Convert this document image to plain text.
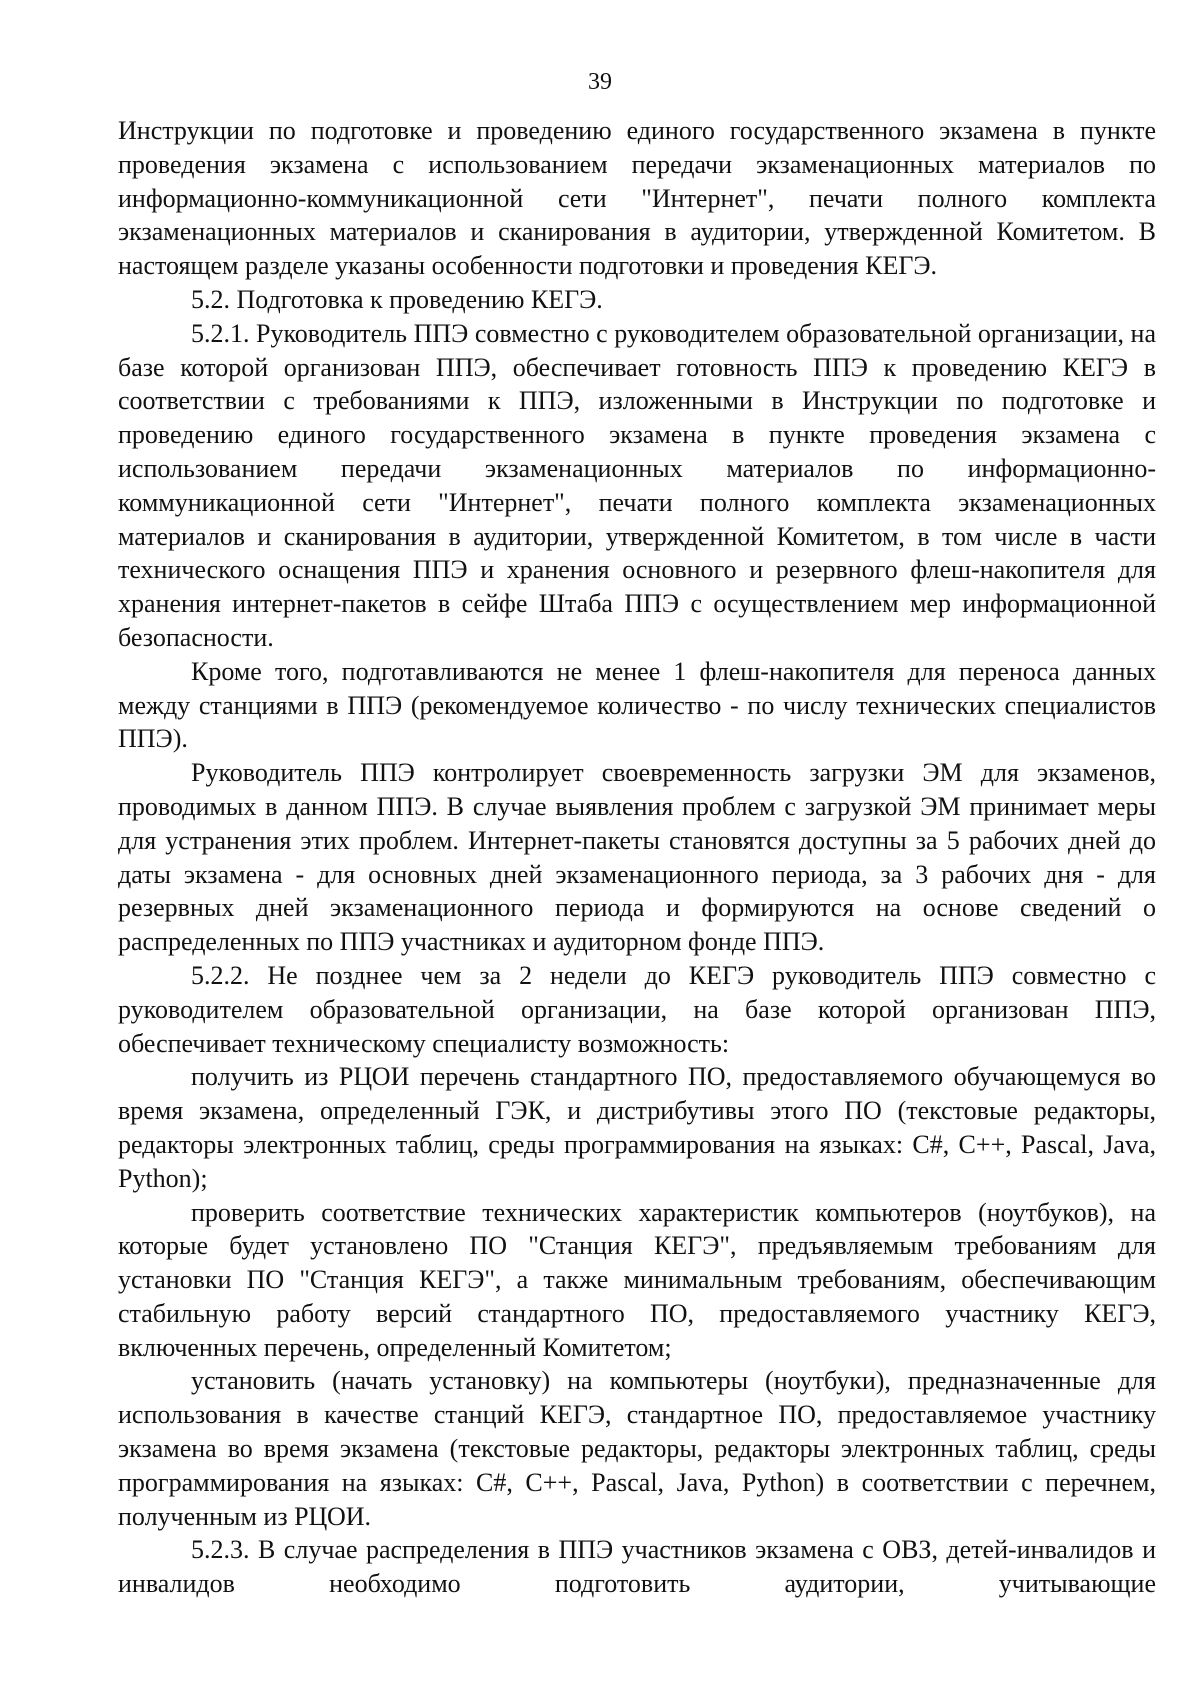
39

Инструкции по подготовке и проведению единого государственного экзамена в пункте проведения экзамена с использованием передачи экзаменационных материалов по информационно-коммуникационной сети "Интернет", печати полного комплекта экзаменационных материалов и сканирования в аудитории, утвержденной Комитетом. В настоящем разделе указаны особенности подготовки и проведения КЕГЭ.

5.2. Подготовка к проведению КЕГЭ.

5.2.1. Руководитель ППЭ совместно с руководителем образовательной организации, на базе которой организован ППЭ, обеспечивает готовность ППЭ к проведению КЕГЭ в соответствии с требованиями к ППЭ, изложенными в Инструкции по подготовке и проведению единого государственного экзамена в пункте проведения экзамена с использованием передачи экзаменационных материалов по информационно-коммуникационной сети "Интернет", печати полного комплекта экзаменационных материалов и сканирования в аудитории, утвержденной Комитетом, в том числе в части технического оснащения ППЭ и хранения основного и резервного флеш-накопителя для хранения интернет-пакетов в сейфе Штаба ППЭ с осуществлением мер информационной безопасности.

Кроме того, подготавливаются не менее 1 флеш-накопителя для переноса данных между станциями в ППЭ (рекомендуемое количество - по числу технических специалистов ППЭ).

Руководитель ППЭ контролирует своевременность загрузки ЭМ для экзаменов, проводимых в данном ППЭ. В случае выявления проблем с загрузкой ЭМ принимает меры для устранения этих проблем. Интернет-пакеты становятся доступны за 5 рабочих дней до даты экзамена - для основных дней экзаменационного периода, за 3 рабочих дня - для резервных дней экзаменационного периода и формируются на основе сведений о распределенных по ППЭ участниках и аудиторном фонде ППЭ.

5.2.2. Не позднее чем за 2 недели до КЕГЭ руководитель ППЭ совместно с руководителем образовательной организации, на базе которой организован ППЭ, обеспечивает техническому специалисту возможность:

получить из РЦОИ перечень стандартного ПО, предоставляемого обучающемуся во время экзамена, определенный ГЭК, и дистрибутивы этого ПО (текстовые редакторы, редакторы электронных таблиц, среды программирования на языках: C#, C++, Pascal, Java, Python);

проверить соответствие технических характеристик компьютеров (ноутбуков), на которые будет установлено ПО "Станция КЕГЭ", предъявляемым требованиям для установки ПО "Станция КЕГЭ", а также минимальным требованиям, обеспечивающим стабильную работу версий стандартного ПО, предоставляемого участнику КЕГЭ, включенных перечень, определенный Комитетом;

установить (начать установку) на компьютеры (ноутбуки), предназначенные для использования в качестве станций КЕГЭ, стандартное ПО, предоставляемое участнику экзамена во время экзамена (текстовые редакторы, редакторы электронных таблиц, среды программирования на языках: C#, C++, Pascal, Java, Python) в соответствии с перечнем, полученным из РЦОИ.

5.2.3. В случае распределения в ППЭ участников экзамена с ОВЗ, детей-инвалидов и инвалидов необходимо подготовить аудитории, учитывающие
